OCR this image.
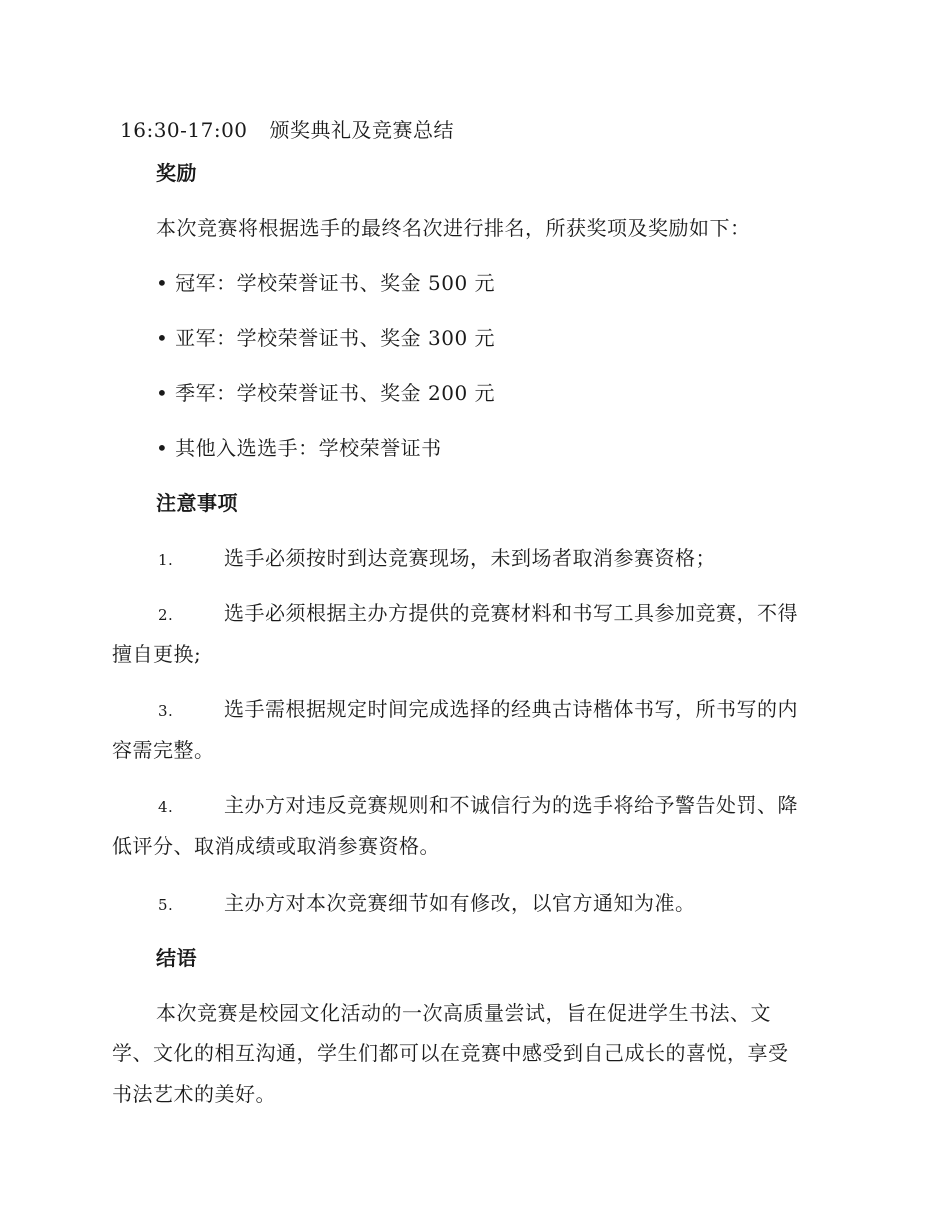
16:30-17:00 颁奖典礼及竞赛总结
奖励
本次竞赛将根据选手的最终名次进行排名，所获奖项及奖励如下：
• 冠军：学校荣誉证书、奖金 500 元
• 亚军：学校荣誉证书、奖金 300 元
• 季军：学校荣誉证书、奖金 200 元
• 其他入选选手：学校荣誉证书
注意事项
1.	选手必须按时到达竞赛现场，未到场者取消参赛资格；
2.	选手必须根据主办方提供的竞赛材料和书写工具参加竞赛，不得
擅自更换;
3.	选手需根据规定时间完成选择的经典古诗楷体书写，所书写的内
容需完整。
4.	主办方对违反竞赛规则和不诚信行为的选手将给予警告处罚、降
低评分、取消成绩或取消参赛资格。
5.	主办方对本次竞赛细节如有修改，以官方通知为准。
结语
本次竞赛是校园文化活动的一次高质量尝试，旨在促进学生书法、文
学、文化的相互沟通，学生们都可以在竞赛中感受到自己成长的喜悦，享受
书法艺术的美好。
